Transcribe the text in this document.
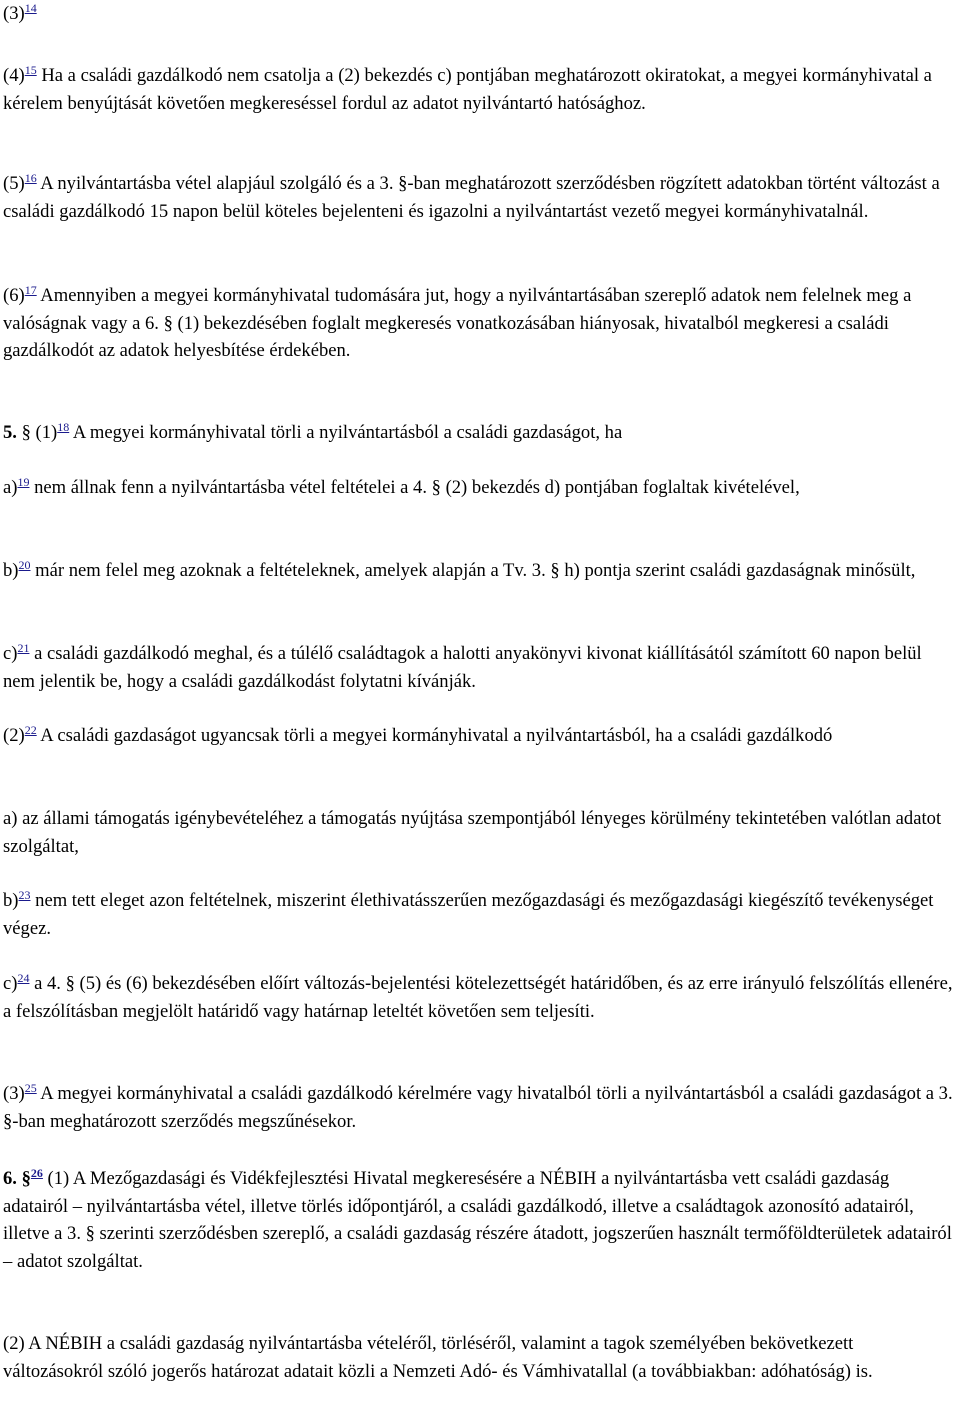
(3)$^{14}$

(4)$^{15}$ Ha a családi gazdálkodó nem csatolja a (2) bekezdés c) pontjában meghatározott okiratokat, a megyei kormányhivatal a kérelem benyújtását követően megkereséssel fordul az adatot nyilvántartó hatósághoz.

(5)$^{16}$ A nyilvántartásba vétel alapjául szolgáló és a 3. §-ban meghatározott szerződésben rögzített adatokban történt változást a családi gazdálkodó 15 napon belül köteles bejelenteni és igazolni a nyilvántartást vezető megyei kormányhivatalnál.

(6)$^{17}$ Amennyiben a megyei kormányhivatal tudomására jut, hogy a nyilvántartásában szereplő adatok nem felelnek meg a valóságnak vagy a 6. § (1) bekezdésében foglalt megkeresés vonatkozásában hiányosak, hivatalból megkeresi a családi gazdálkodót az adatok helyesbítése érdekében.

5. § (1)$^{18}$ A megyei kormányhivatal törli a nyilvántartásból a családi gazdaságot, ha

a)$^{19}$ nem állnak fenn a nyilvántartásba vétel feltételei a 4. § (2) bekezdés d) pontjában foglaltak kivételével,

b)$^{20}$ már nem felel meg azoknak a feltételeknek, amelyek alapján a Tv. 3. § h) pontja szerint családi gazdaságnak minősült,

c)$^{21}$ a családi gazdálkodó meghal, és a túlélő családtagok a halotti anyakönyvi kivonat kiállításától számított 60 napon belül nem jelentik be, hogy a családi gazdálkodást folytatni kívánják.

(2)$^{22}$ A családi gazdaságot ugyancsak törli a megyei kormányhivatal a nyilvántartásból, ha a családi gazdálkodó

a) az állami támogatás igénybevételéhez a támogatás nyújtása szempontjából lényeges körülmény tekintetében valótlan adatot szolgáltat,

b)$^{23}$ nem tett eleget azon feltételnek, miszerint élethivatásszerűen mezőgazdasági és mezőgazdasági kiegészítő tevékenységet végez.

c)$^{24}$ a 4. § (5) és (6) bekezdésében előírt változás-bejelentési kötelezettségét határidőben, és az erre irányuló felszólítás ellenére, a felszólításban megjelölt határidő vagy határnap leteltét követően sem teljesíti.

(3)$^{25}$ A megyei kormányhivatal a családi gazdálkodó kérelmére vagy hivatalból törli a nyilvántartásból a családi gazdaságot a 3. §-ban meghatározott szerződés megszűnésekor.

6. §$^{26}$ (1) A Mezőgazdasági és Vidékfejlesztési Hivatal megkeresésére a NÉBIH a nyilvántartásba vett családi gazdaság adatairól – nyilvántartásba vétel, illetve törlés időpontjáról, a családi gazdálkodó, illetve a családtagok azonosító adatairól, illetve a 3. § szerinti szerződésben szereplő, a családi gazdaság részére átadott, jogszerűen használt termőföldterületek adatairól – adatot szolgáltat.

(2) A NÉBIH a családi gazdaság nyilvántartásba vételéről, törléséről, valamint a tagok személyében bekövetkezett változásokról szóló jogerős határozat adatait közli a Nemzeti Adó- és Vámhivatallal (a továbbiakban: adóhatóság) is.
